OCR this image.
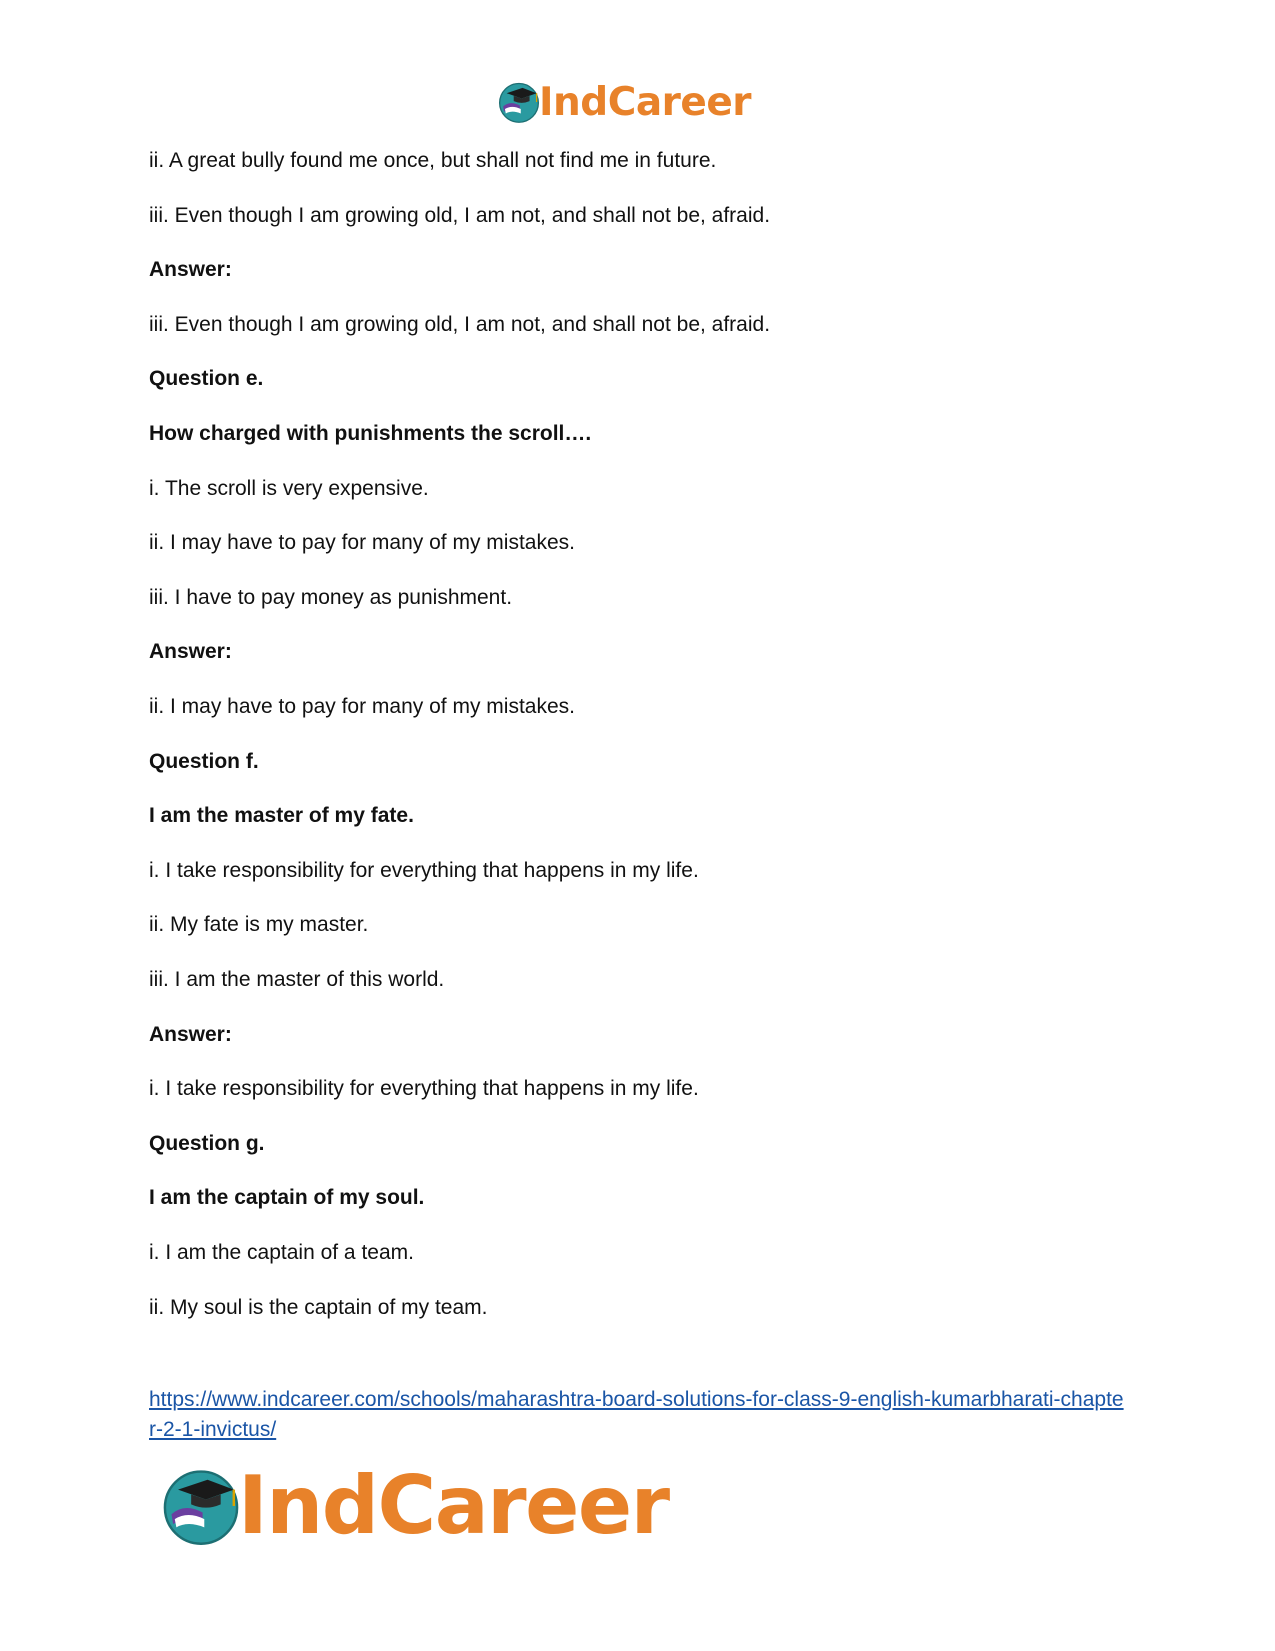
IndCareer
ii. A great bully found me once, but shall not find me in future.
iii. Even though I am growing old, I am not, and shall not be, afraid.
Answer:
iii. Even though I am growing old, I am not, and shall not be, afraid.
Question e.
How charged with punishments the scroll….
i. The scroll is very expensive.
ii. I may have to pay for many of my mistakes.
iii. I have to pay money as punishment.
Answer:
ii. I may have to pay for many of my mistakes.
Question f.
I am the master of my fate.
i. I take responsibility for everything that happens in my life.
ii. My fate is my master.
iii. I am the master of this world.
Answer:
i. I take responsibility for everything that happens in my life.
Question g.
I am the captain of my soul.
i. I am the captain of a team.
ii. My soul is the captain of my team.
https://www.indcareer.com/schools/maharashtra-board-solutions-for-class-9-english-kumarbharati-chapter-2-1-invictus/
IndCareer
